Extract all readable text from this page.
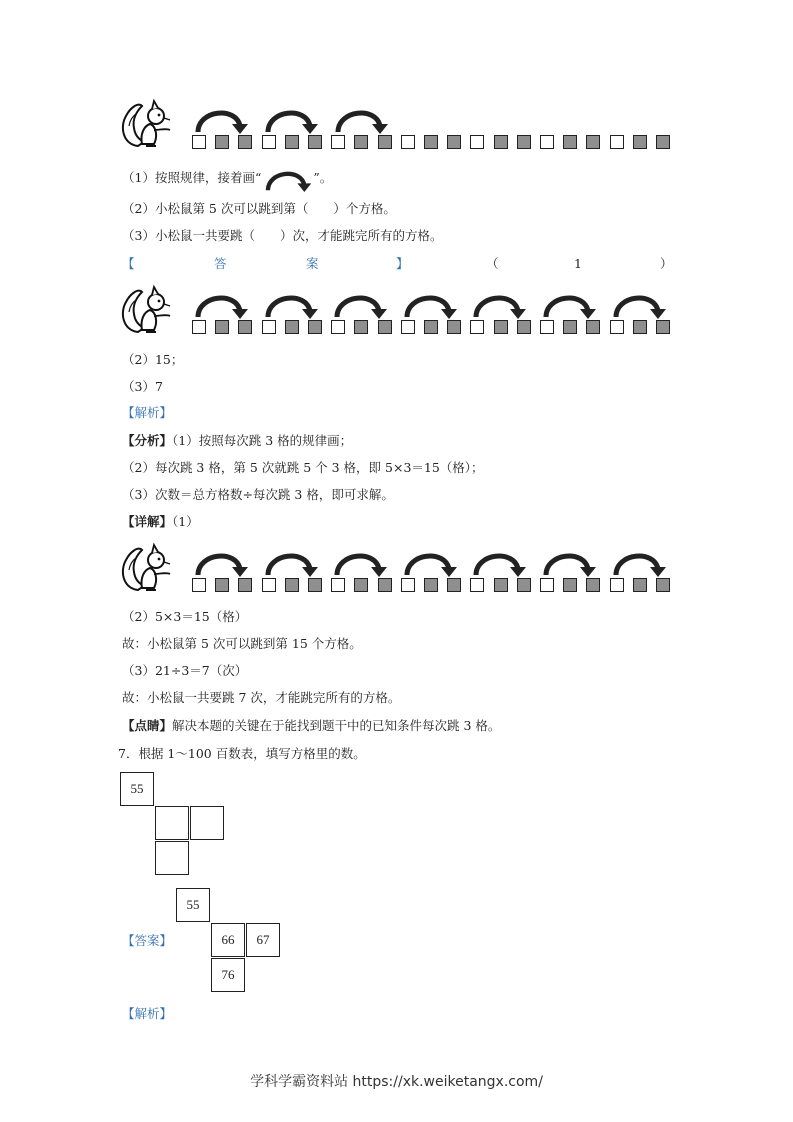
（1）按照规律，接着画“	”。
（2）小松鼠第 5 次可以跳到第（　　）个方格。
（3）小松鼠一共要跳（　　）次，才能跳完所有的方格。
【	答	案	】	（	1	）
（2）15；
（3）7
【解析】
【分析】（1）按照每次跳 3 格的规律画；
（2）每次跳 3 格，第 5 次就跳 5 个 3 格，即 5×3＝15（格）；
（3）次数＝总方格数÷每次跳 3 格，即可求解。
【详解】（1）
（2）5×3＝15（格）
故：小松鼠第 5 次可以跳到第 15 个方格。
（3）21÷3＝7（次）
故：小松鼠一共要跳 7 次，才能跳完所有的方格。
【点睛】解决本题的关键在于能找到题干中的已知条件每次跳 3 格。
7．根据 1～100 百数表，填写方格里的数。
55
【答案】
55
66	67
76
【解析】
学科学霸资料站 https://xk.weiketangx.com/
